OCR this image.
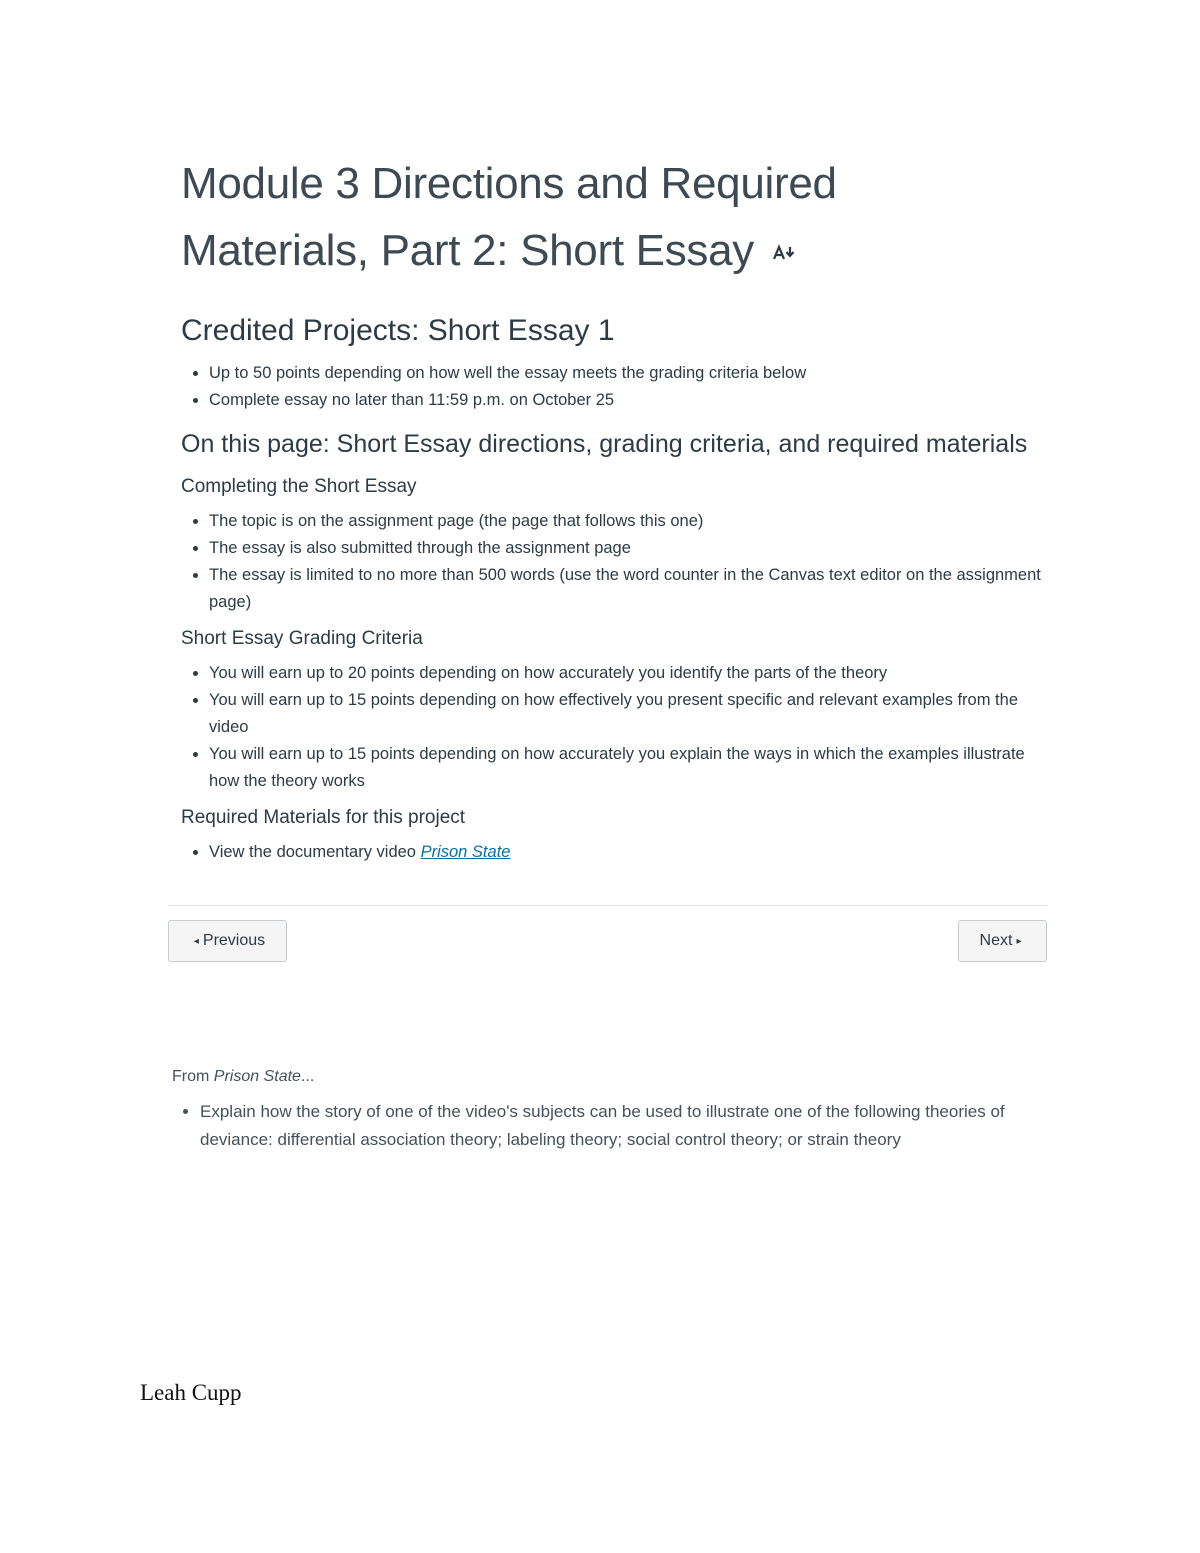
Module 3 Directions and Required
Materials, Part 2: Short Essay
Credited Projects: Short Essay 1
• Up to 50 points depending on how well the essay meets the grading criteria below
• Complete essay no later than 11:59 p.m. on October 25
On this page: Short Essay directions, grading criteria, and required materials
Completing the Short Essay
• The topic is on the assignment page (the page that follows this one)
• The essay is also submitted through the assignment page
• The essay is limited to no more than 500 words (use the word counter in the Canvas text editor on the assignment page)
Short Essay Grading Criteria
• You will earn up to 20 points depending on how accurately you identify the parts of the theory
• You will earn up to 15 points depending on how effectively you present specific and relevant examples from the video
• You will earn up to 15 points depending on how accurately you explain the ways in which the examples illustrate how the theory works
Required Materials for this project
• View the documentary video Prison State
◂ Previous	Next ▸

From Prison State...

• Explain how the story of one of the video's subjects can be used to illustrate one of the following theories of deviance: differential association theory; labeling theory; social control theory; or strain theory
Leah Cupp
